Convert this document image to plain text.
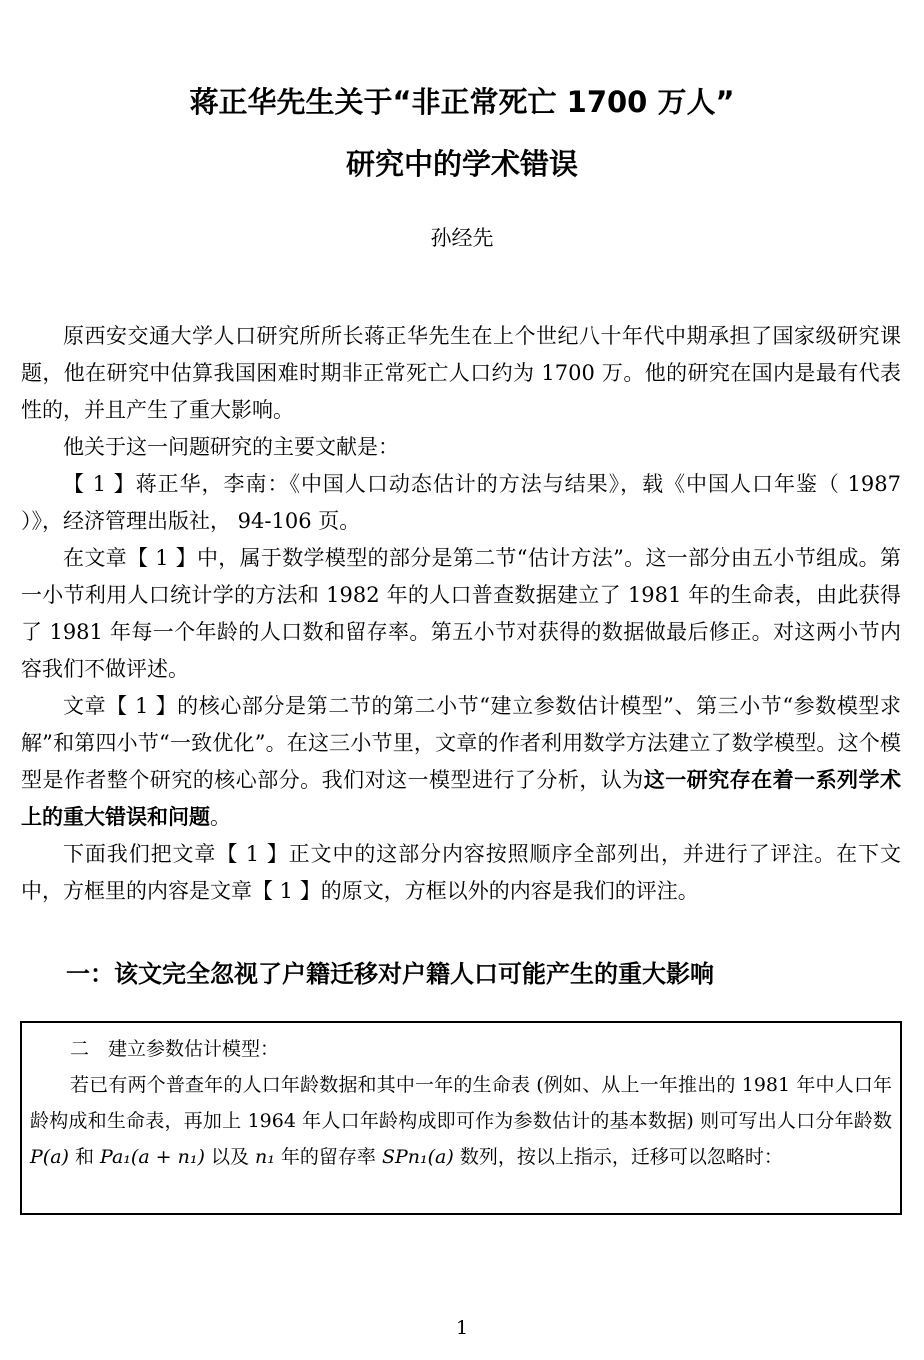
蒋正华先生关于“非正常死亡 1700 万人”
研究中的学术错误
孙经先

原西安交通大学人口研究所所长蒋正华先生在上个世纪八十年代中期承担了国家级研究课题，他在研究中估算我国困难时期非正常死亡人口约为 1700 万。他的研究在国内是最有代表性的，并且产生了重大影响。

他关于这一问题研究的主要文献是：

【 1 】蒋正华，李南：《中国人口动态估计的方法与结果》，载《中国人口年鉴（ 1987 ）》，经济管理出版社， 94-106 页。

在文章【 1 】中，属于数学模型的部分是第二节“估计方法”。这一部分由五小节组成。第一小节利用人口统计学的方法和 1982 年的人口普查数据建立了 1981 年的生命表，由此获得了 1981 年每一个年龄的人口数和留存率。第五小节对获得的数据做最后修正。对这两小节内容我们不做评述。

文章【 1 】的核心部分是第二节的第二小节“建立参数估计模型”、第三小节“参数模型求解”和第四小节“一致优化”。在这三小节里，文章的作者利用数学方法建立了数学模型。这个模型是作者整个研究的核心部分。我们对这一模型进行了分析，认为这一研究存在着一系列学术上的重大错误和问题。

下面我们把文章【 1 】正文中的这部分内容按照顺序全部列出，并进行了评注。在下文中，方框里的内容是文章【 1 】的原文，方框以外的内容是我们的评注。

一：该文完全忽视了户籍迁移对户籍人口可能产生的重大影响

二　建立参数估计模型：

若已有两个普查年的人口年龄数据和其中一年的生命表 (例如、从上一年推出的 1981 年中人口年龄构成和生命表，再加上 1964 年人口年龄构成即可作为参数估计的基本数据) 则可写出人口分年龄数 P(a) 和 Pa₁(a + n₁) 以及 n₁ 年的留存率 SPn₁(a) 数列，按以上指示，迁移可以忽略时：

1
